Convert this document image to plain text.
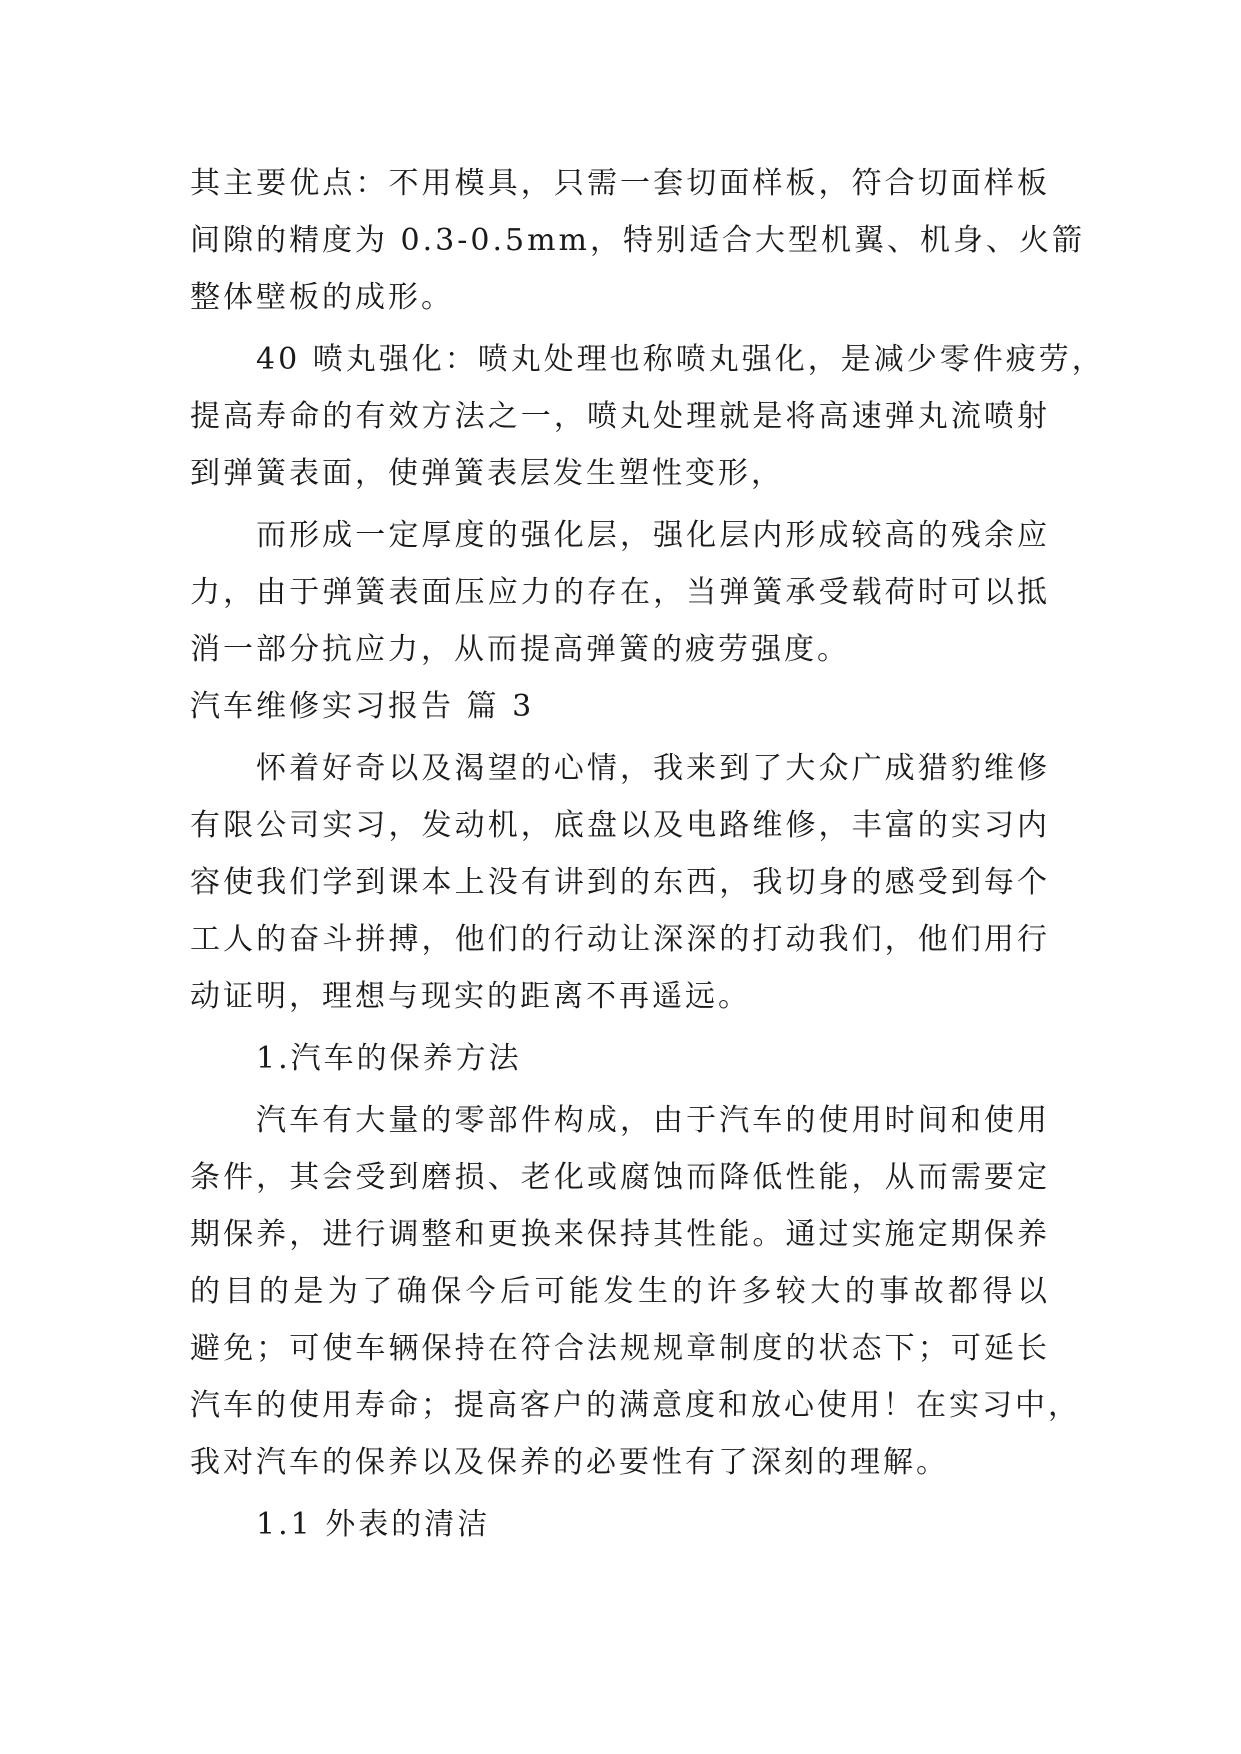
其主要优点：不用模具，只需一套切面样板，符合切面样板
间隙的精度为 0.3-0.5mm，特别适合大型机翼、机身、火箭
整体壁板的成形。
40 喷丸强化：喷丸处理也称喷丸强化，是减少零件疲劳，
提高寿命的有效方法之一，喷丸处理就是将高速弹丸流喷射
到弹簧表面，使弹簧表层发生塑性变形，
而形成一定厚度的强化层，强化层内形成较高的残余应
力，由于弹簧表面压应力的存在，当弹簧承受载荷时可以抵
消一部分抗应力，从而提高弹簧的疲劳强度。
汽车维修实习报告 篇 3
怀着好奇以及渴望的心情，我来到了大众广成猎豹维修
有限公司实习，发动机，底盘以及电路维修，丰富的实习内
容使我们学到课本上没有讲到的东西，我切身的感受到每个
工人的奋斗拼搏，他们的行动让深深的打动我们，他们用行
动证明，理想与现实的距离不再遥远。
1.汽车的保养方法
汽车有大量的零部件构成，由于汽车的使用时间和使用
条件，其会受到磨损、老化或腐蚀而降低性能，从而需要定
期保养，进行调整和更换来保持其性能。通过实施定期保养
的目的是为了确保今后可能发生的许多较大的事故都得以
避免；可使车辆保持在符合法规规章制度的状态下；可延长
汽车的使用寿命；提高客户的满意度和放心使用！在实习中，
我对汽车的保养以及保养的必要性有了深刻的理解。
1.1 外表的清洁
